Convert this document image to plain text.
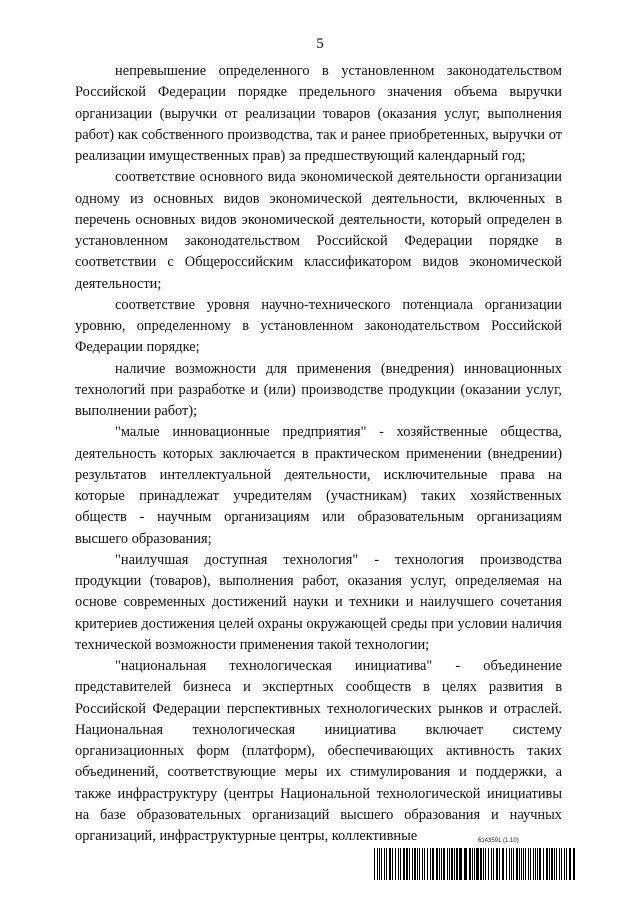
5

непревышение определенного в установленном законодательством Российской Федерации порядке предельного значения объема выручки организации (выручки от реализации товаров (оказания услуг, выполнения работ) как собственного производства, так и ранее приобретенных, выручки от реализации имущественных прав) за предшествующий календарный год;

соответствие основного вида экономической деятельности организации одному из основных видов экономической деятельности, включенных в перечень основных видов экономической деятельности, который определен в установленном законодательством Российской Федерации порядке в соответствии с Общероссийским классификатором видов экономической деятельности;

соответствие уровня научно-технического потенциала организации уровню, определенному в установленном законодательством Российской Федерации порядке;

наличие возможности для применения (внедрения) инновационных технологий при разработке и (или) производстве продукции (оказании услуг, выполнении работ);

"малые инновационные предприятия" - хозяйственные общества, деятельность которых заключается в практическом применении (внедрении) результатов интеллектуальной деятельности, исключительные права на которые принадлежат учредителям (участникам) таких хозяйственных обществ - научным организациям или образовательным организациям высшего образования;

"наилучшая доступная технология" - технология производства продукции (товаров), выполнения работ, оказания услуг, определяемая на основе современных достижений науки и техники и наилучшего сочетания критериев достижения целей охраны окружающей среды при условии наличия технической возможности применения такой технологии;

"национальная технологическая инициатива" - объединение представителей бизнеса и экспертных сообществ в целях развития в Российской Федерации перспективных технологических рынков и отраслей. Национальная технологическая инициатива включает систему организационных форм (платформ), обеспечивающих активность таких объединений, соответствующие меры их стимулирования и поддержки, а также инфраструктуру (центры Национальной технологической инициативы на базе образовательных организаций высшего образования и научных организаций, инфраструктурные центры, коллективные	6143591 (1.10)
